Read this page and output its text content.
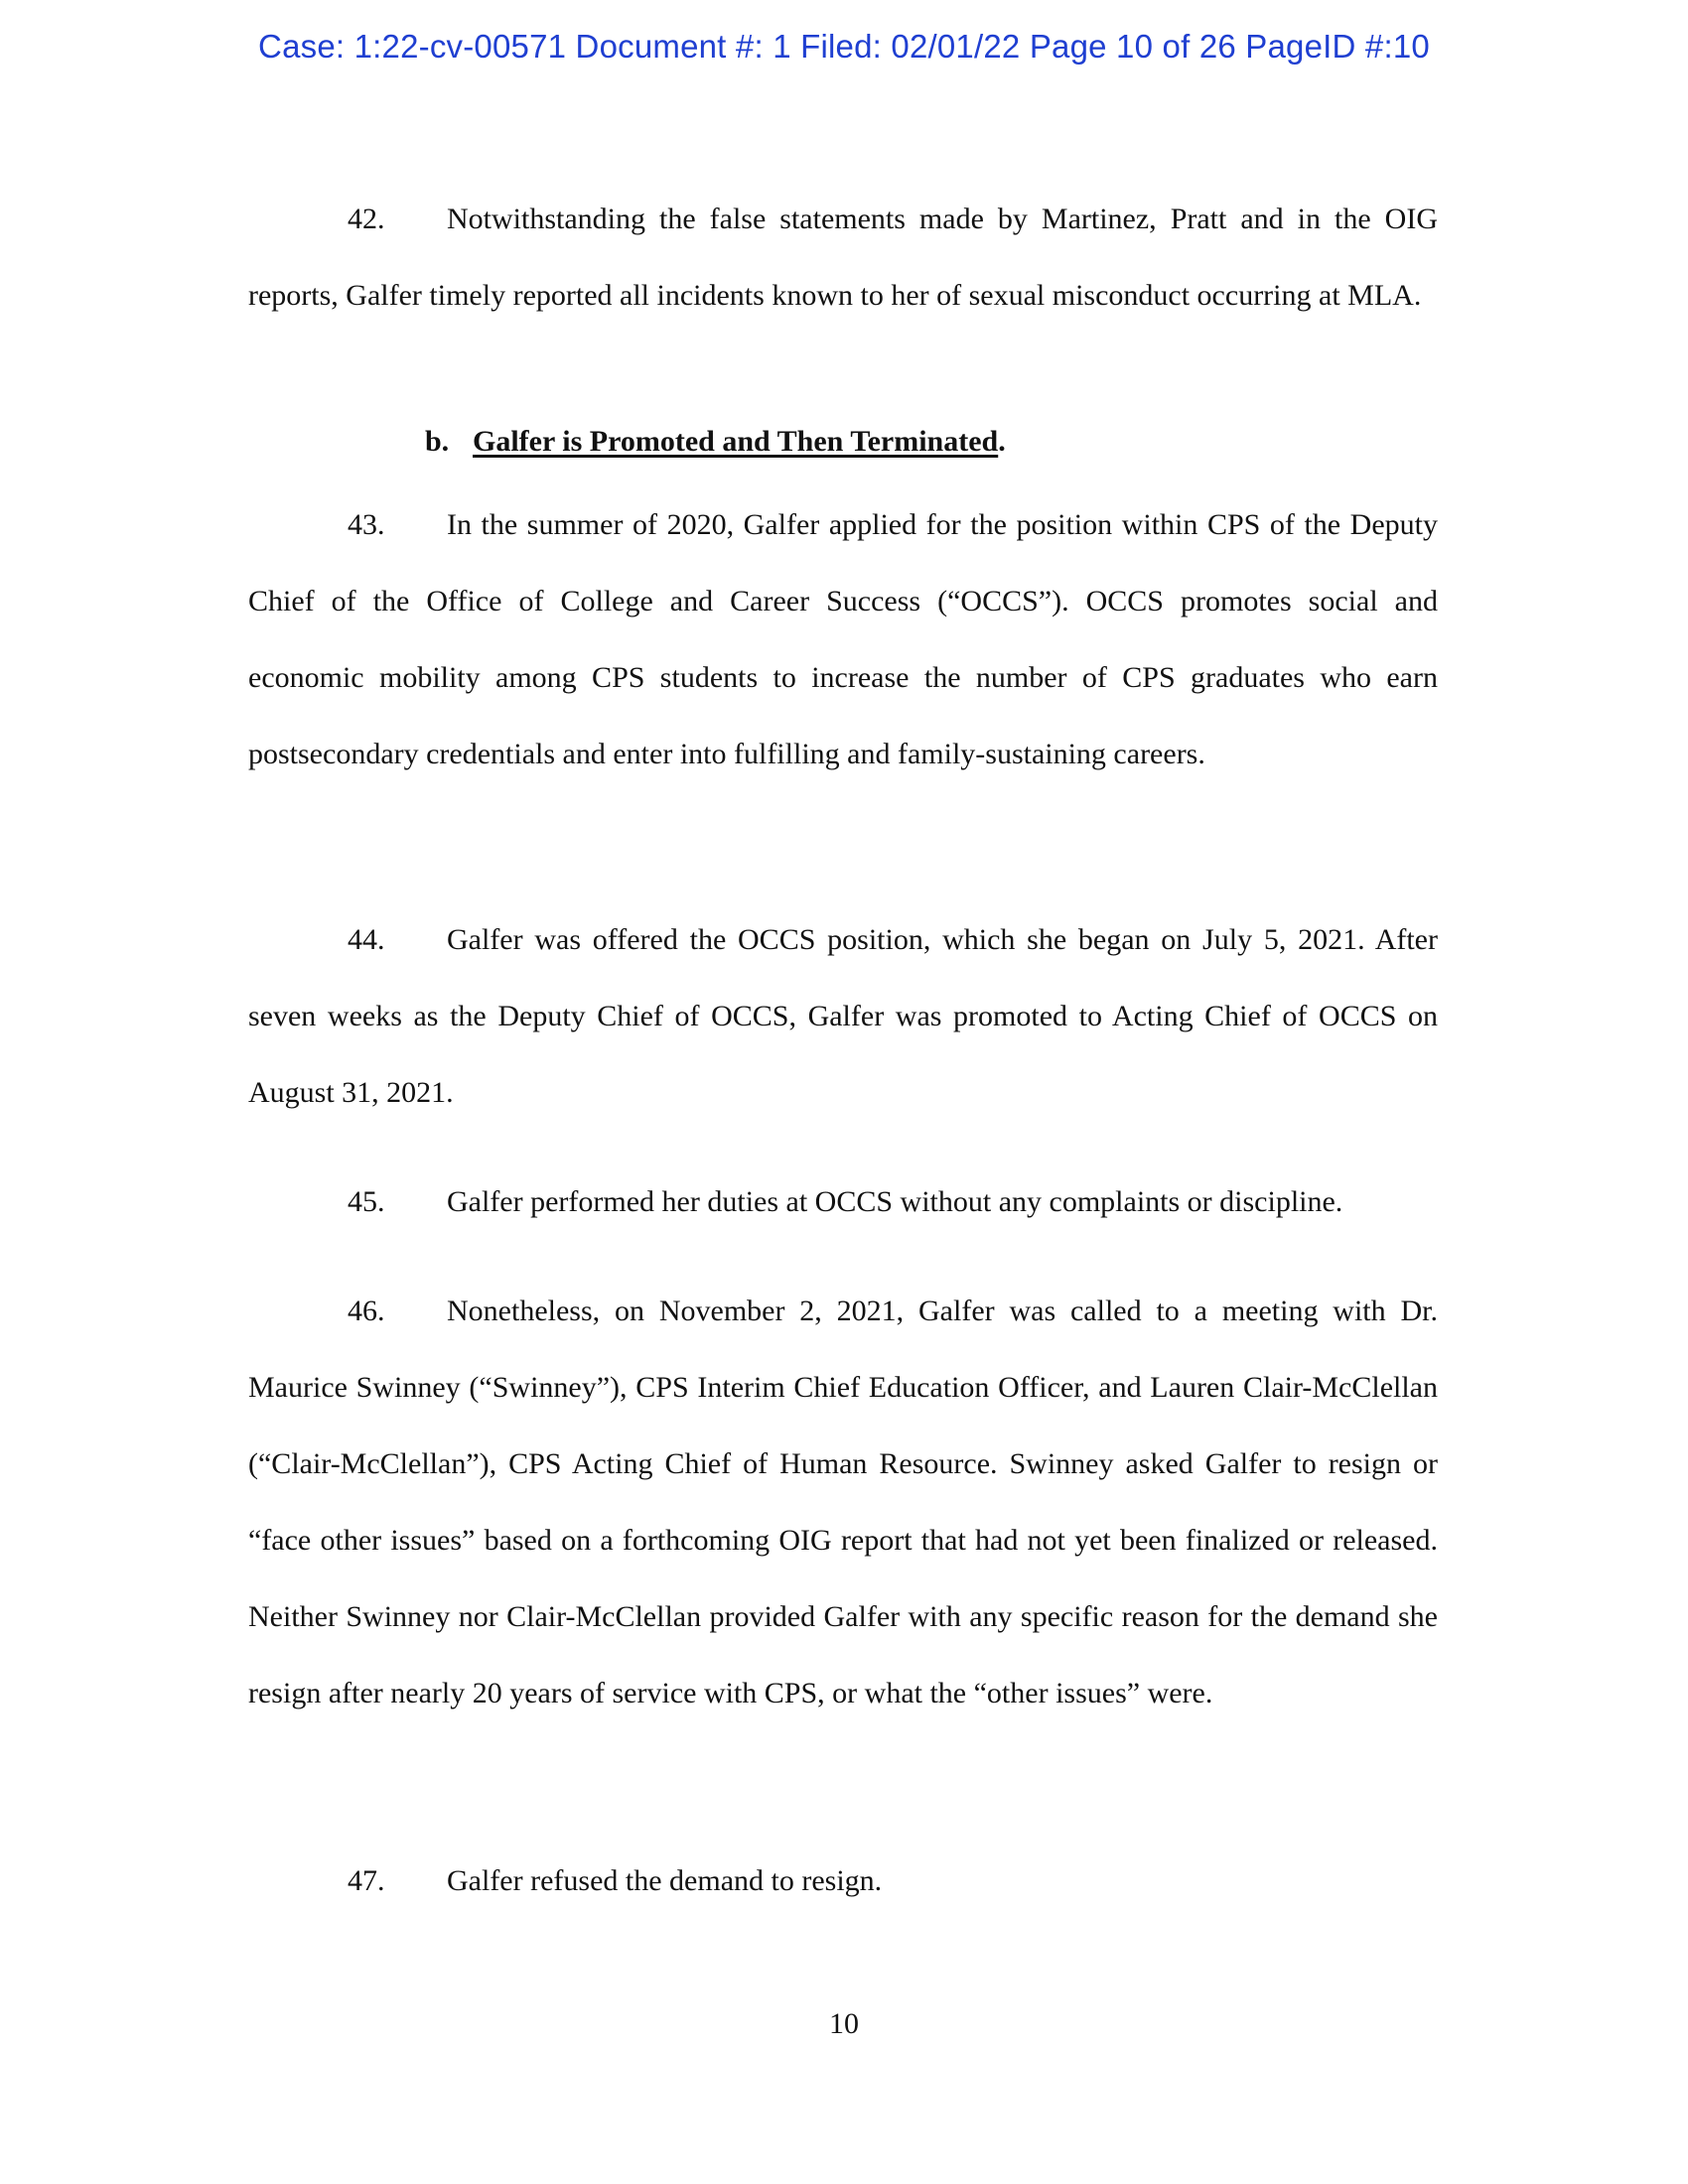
Case: 1:22-cv-00571 Document #: 1 Filed: 02/01/22 Page 10 of 26 PageID #:10

42. Notwithstanding the false statements made by Martinez, Pratt and in the OIG reports, Galfer timely reported all incidents known to her of sexual misconduct occurring at MLA.

b. Galfer is Promoted and Then Terminated.

43. In the summer of 2020, Galfer applied for the position within CPS of the Deputy Chief of the Office of College and Career Success (“OCCS”). OCCS promotes social and economic mobility among CPS students to increase the number of CPS graduates who earn postsecondary credentials and enter into fulfilling and family-sustaining careers.

44. Galfer was offered the OCCS position, which she began on July 5, 2021. After seven weeks as the Deputy Chief of OCCS, Galfer was promoted to Acting Chief of OCCS on August 31, 2021.

45. Galfer performed her duties at OCCS without any complaints or discipline.

46. Nonetheless, on November 2, 2021, Galfer was called to a meeting with Dr. Maurice Swinney (“Swinney”), CPS Interim Chief Education Officer, and Lauren Clair-McClellan (“Clair-McClellan”), CPS Acting Chief of Human Resource. Swinney asked Galfer to resign or “face other issues” based on a forthcoming OIG report that had not yet been finalized or released. Neither Swinney nor Clair-McClellan provided Galfer with any specific reason for the demand she resign after nearly 20 years of service with CPS, or what the “other issues” were.

47. Galfer refused the demand to resign.

10
